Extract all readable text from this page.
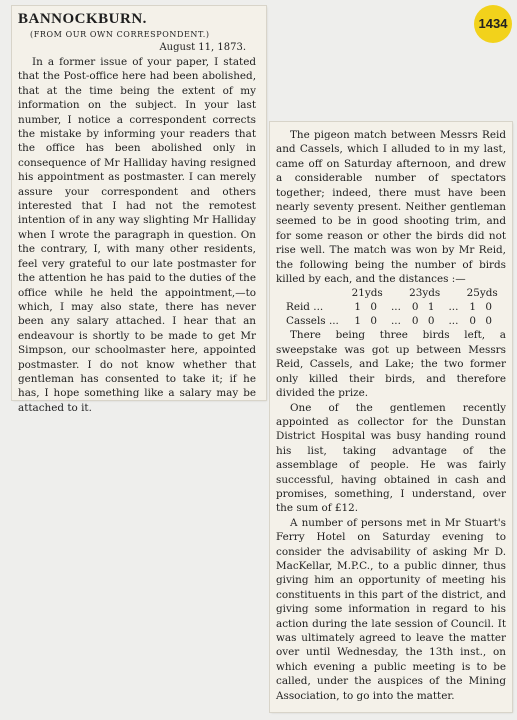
1434
BANNOCKBURN.
(FROM OUR OWN CORRESPONDENT.)
August 11, 1873.

In a former issue of your paper, I stated that the Post-office here had been abolished, that at the time being the extent of my information on the subject. In your last number, I notice a correspondent corrects the mistake by informing your readers that the office has been abolished only in consequence of Mr Halliday having resigned his appointment as postmaster. I can merely assure your correspondent and others interested that I had not the remotest intention of in any way slighting Mr Halliday when I wrote the paragraph in question. On the contrary, I, with many other residents, feel very grateful to our late postmaster for the attention he has paid to the duties of the office while he held the appointment,—to which, I may also state, there has never been any salary attached. I hear that an endeavour is shortly to be made to get Mr Simpson, our schoolmaster here, appointed postmaster. I do not know whether that gentleman has consented to take it; if he has, I hope something like a salary may be attached to it.

The pigeon match between Messrs Reid and Cassels, which I alluded to in my last, came off on Saturday afternoon, and drew a considerable number of spectators together; indeed, there must have been nearly seventy present. Neither gentleman seemed to be in good shooting trim, and for some reason or other the birds did not rise well. The match was won by Mr Reid, the following being the number of birds killed by each, and the distances :—

	21yds		23yds		25yds
Reid ...	1 0	...	0 1	...	1 0
Cassels ...	1 0	...	0 0	...	0 0

There being three birds left, a sweepstake was got up between Messrs Reid, Cassels, and Lake; the two former only killed their birds, and therefore divided the prize.

One of the gentlemen recently appointed as collector for the Dunstan District Hospital was busy handing round his list, taking advantage of the assemblage of people. He was fairly successful, having obtained in cash and promises, something, I understand, over the sum of £12.

A number of persons met in Mr Stuart's Ferry Hotel on Saturday evening to consider the advisability of asking Mr D. MacKellar, M.P.C., to a public dinner, thus giving him an opportunity of meeting his constituents in this part of the district, and giving some information in regard to his action during the late session of Council. It was ultimately agreed to leave the matter over until Wednesday, the 13th inst., on which evening a public meeting is to be called, under the auspices of the Mining Association, to go into the matter.
